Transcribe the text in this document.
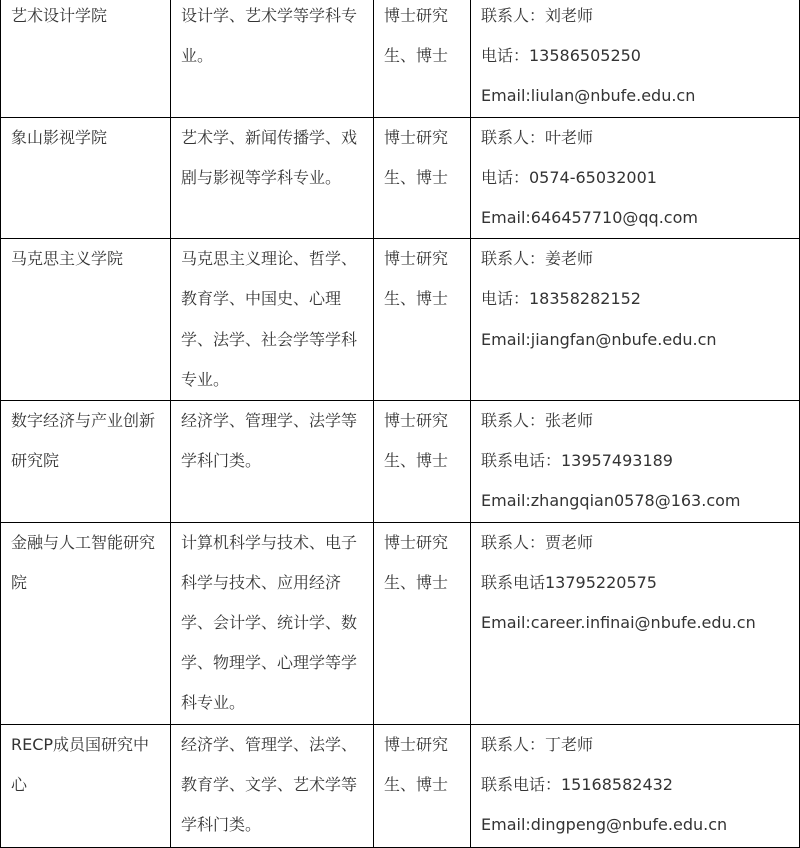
艺术设计学院	设计学、艺术学等学科专业。	博士研究生、博士	联系人：刘老师
电话：13586505250
Email:liulan@nbufe.edu.cn

象山影视学院	艺术学、新闻传播学、戏剧与影视等学科专业。	博士研究生、博士	联系人：叶老师
电话：0574-65032001
Email:646457710@qq.com

马克思主义学院	马克思主义理论、哲学、教育学、中国史、心理学、法学、社会学等学科专业。	博士研究生、博士	联系人：姜老师
电话：18358282152
Email:jiangfan@nbufe.edu.cn

数字经济与产业创新研究院	经济学、管理学、法学等学科门类。	博士研究生、博士	联系人：张老师
联系电话：13957493189
Email:zhangqian0578@163.com

金融与人工智能研究院	计算机科学与技术、电子科学与技术、应用经济学、会计学、统计学、数学、物理学、心理学等学科专业。	博士研究生、博士	联系人：贾老师
联系电话13795220575
Email:career.infinai@nbufe.edu.cn

RECP成员国研究中心	经济学、管理学、法学、教育学、文学、艺术学等学科门类。	博士研究生、博士	联系人：丁老师
联系电话：15168582432
Email:dingpeng@nbufe.edu.cn
